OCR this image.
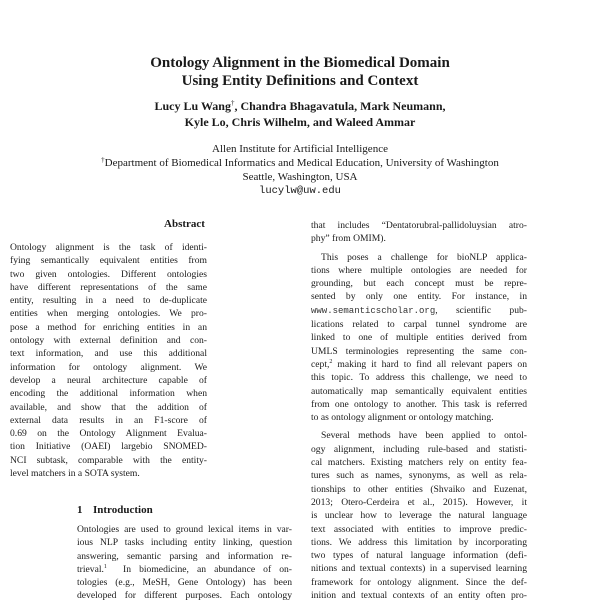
Ontology Alignment in the Biomedical Domain
Using Entity Definitions and Context
Lucy Lu Wang†, Chandra Bhagavatula, Mark Neumann,
Kyle Lo, Chris Wilhelm, and Waleed Ammar
Allen Institute for Artificial Intelligence
†Department of Biomedical Informatics and Medical Education, University of Washington
Seattle, Washington, USA
lucylw@uw.edu
Abstract
Ontology alignment is the task of identi-
fying semantically equivalent entities from
two given ontologies. Different ontologies
have different representations of the same
entity, resulting in a need to de-duplicate
entities when merging ontologies. We pro-
pose a method for enriching entities in an
ontology with external definition and con-
text information, and use this additional
information for ontology alignment. We
develop a neural architecture capable of
encoding the additional information when
available, and show that the addition of
external data results in an F1-score of
0.69 on the Ontology Alignment Evalua-
tion Initiative (OAEI) largebio SNOMED-
NCI subtask, comparable with the entity-
level matchers in a SOTA system.
1 Introduction
Ontologies are used to ground lexical items in var-
ious NLP tasks including entity linking, question
answering, semantic parsing and information re-
trieval.$^1$ In biomedicine, an abundance of on-
tologies (e.g., MeSH, Gene Ontology) has been
developed for different purposes. Each ontology
that includes “Dentatorubral-pallidoluysian atro-
phy” from OMIM).
This poses a challenge for bioNLP applica-
tions where multiple ontologies are needed for
grounding, but each concept must be repre-
sented by only one entity. For instance, in
www.semanticscholar.org, scientific pub-
lications related to carpal tunnel syndrome are
linked to one of multiple entities derived from
UMLS terminologies representing the same con-
cept,$^2$ making it hard to find all relevant papers on
this topic. To address this challenge, we need to
automatically map semantically equivalent entities
from one ontology to another. This task is referred
to as ontology alignment or ontology matching.
Several methods have been applied to ontol-
ogy alignment, including rule-based and statisti-
cal matchers. Existing matchers rely on entity fea-
tures such as names, synonyms, as well as rela-
tionships to other entities (Shvaiko and Euzenat,
2013; Otero-Cerdeira et al., 2015). However, it
is unclear how to leverage the natural language
text associated with entities to improve predic-
tions. We address this limitation by incorporating
two types of natural language information (defi-
nitions and textual contexts) in a supervised learning
framework for ontology alignment. Since the def-
inition and textual contexts of an entity often pro-
